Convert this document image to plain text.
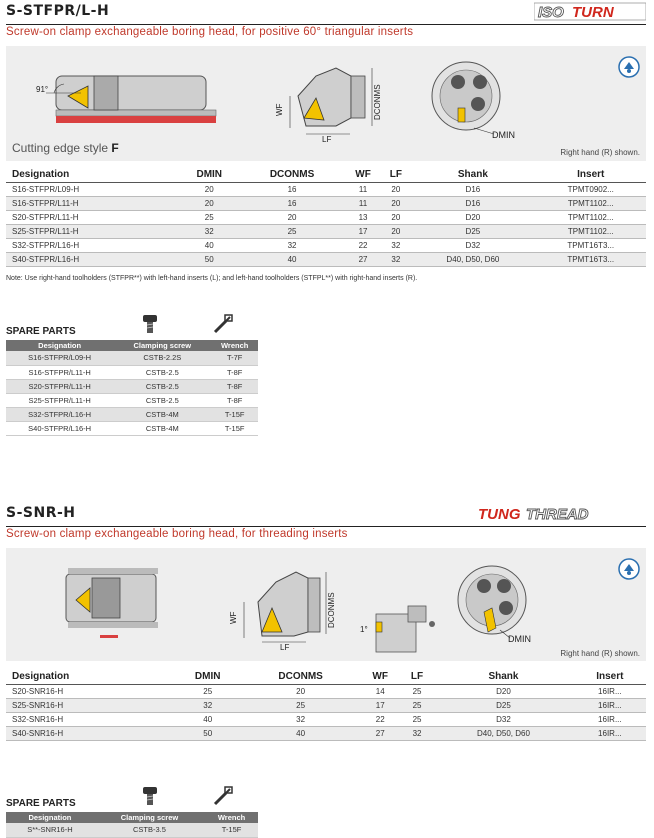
S-STFPR/L-H	ISO TURN
Screw-on clamp exchangeable boring head, for positive 60° triangular inserts
91°
WF
LF
DCONMS
DMIN
Cutting edge style F	Right hand (R) shown.
Designation	DMIN	DCONMS	WF	LF	Shank	Insert
S16-STFPR/L09-H	20	16	11	20	D16	TPMT0902...
S16-STFPR/L11-H	20	16	11	20	D16	TPMT1102...
S20-STFPR/L11-H	25	20	13	20	D20	TPMT1102...
S25-STFPR/L11-H	32	25	17	20	D25	TPMT1102...
S32-STFPR/L16-H	40	32	22	32	D32	TPMT16T3...
S40-STFPR/L16-H	50	40	27	32	D40, D50, D60	TPMT16T3...
Note: Use right-hand toolholders (STFPR**) with left-hand inserts (L); and left-hand toolholders (STFPL**) with right-hand inserts (R).
SPARE PARTS
Designation	Clamping screw	Wrench
S16-STFPR/L09-H	CSTB-2.2S	T-7F
S16-STFPR/L11-H	CSTB-2.5	T-8F
S20-STFPR/L11-H	CSTB-2.5	T-8F
S25-STFPR/L11-H	CSTB-2.5	T-8F
S32-STFPR/L16-H	CSTB-4M	T-15F
S40-STFPR/L16-H	CSTB-4M	T-15F
S-SNR-H	TUNG THREAD
Screw-on clamp exchangeable boring head, for threading inserts
WF
LF
DCONMS
1°
DMIN
Right hand (R) shown.
Designation	DMIN	DCONMS	WF	LF	Shank	Insert
S20-SNR16-H	25	20	14	25	D20	16IR...
S25-SNR16-H	32	25	17	25	D25	16IR...
S32-SNR16-H	40	32	22	25	D32	16IR...
S40-SNR16-H	50	40	27	32	D40, D50, D60	16IR...
SPARE PARTS
Designation	Clamping screw	Wrench
S**-SNR16-H	CSTB-3.5	T-15F
